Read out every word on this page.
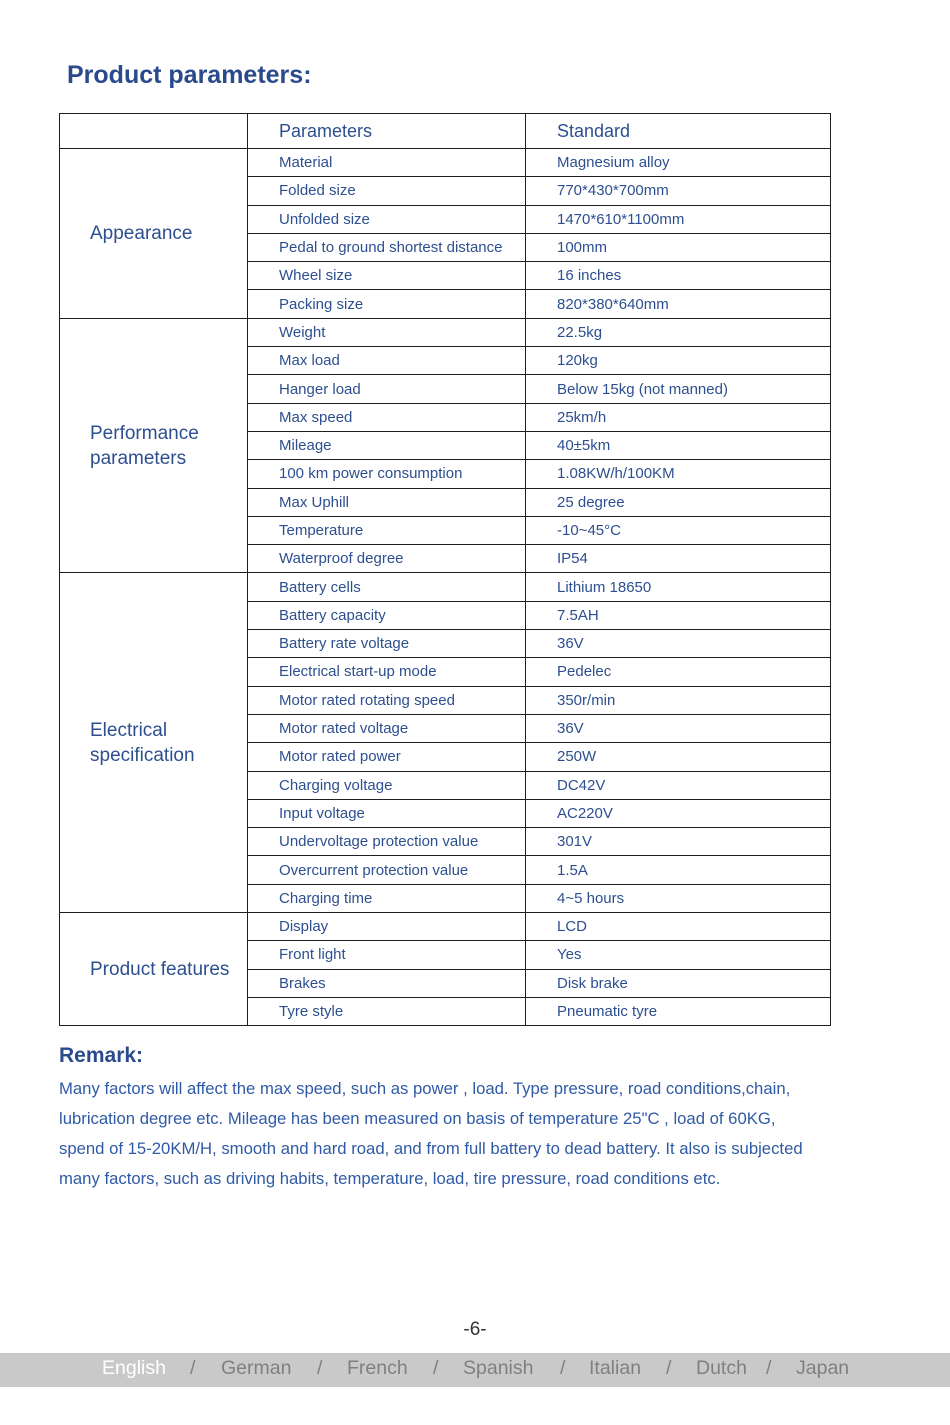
Product parameters:
	Parameters	Standard
Appearance	Material	Magnesium alloy
	Folded size	770*430*700mm
	Unfolded size	1470*610*1100mm
	Pedal to ground shortest distance	100mm
	Wheel size	16 inches
	Packing size	820*380*640mm
Performance parameters	Weight	22.5kg
	Max load	120kg
	Hanger load	Below 15kg (not manned)
	Max speed	25km/h
	Mileage	40±5km
	100 km power consumption	1.08KW/h/100KM
	Max Uphill	25 degree
	Temperature	-10~45°C
	Waterproof degree	IP54
Electrical specification	Battery cells	Lithium 18650
	Battery capacity	7.5AH
	Battery rate voltage	36V
	Electrical start-up mode	Pedelec
	Motor rated rotating speed	350r/min
	Motor rated voltage	36V
	Motor rated power	250W
	Charging voltage	DC42V
	Input voltage	AC220V
	Undervoltage protection value	301V
	Overcurrent protection value	1.5A
	Charging time	4~5 hours
Product features	Display	LCD
	Front light	Yes
	Brakes	Disk brake
	Tyre style	Pneumatic tyre
Remark:
Many factors will affect the max speed, such as power , load. Type pressure, road conditions,chain,
lubrication degree etc. Mileage has been measured on basis of temperature 25"C , load of 60KG,
spend of 15-20KM/H, smooth and hard road, and from full battery to dead battery. It also is subjected
many factors, such as driving habits, temperature, load, tire pressure, road conditions etc.
-6-
English / German / French / Spanish / Italian / Dutch / Japan
